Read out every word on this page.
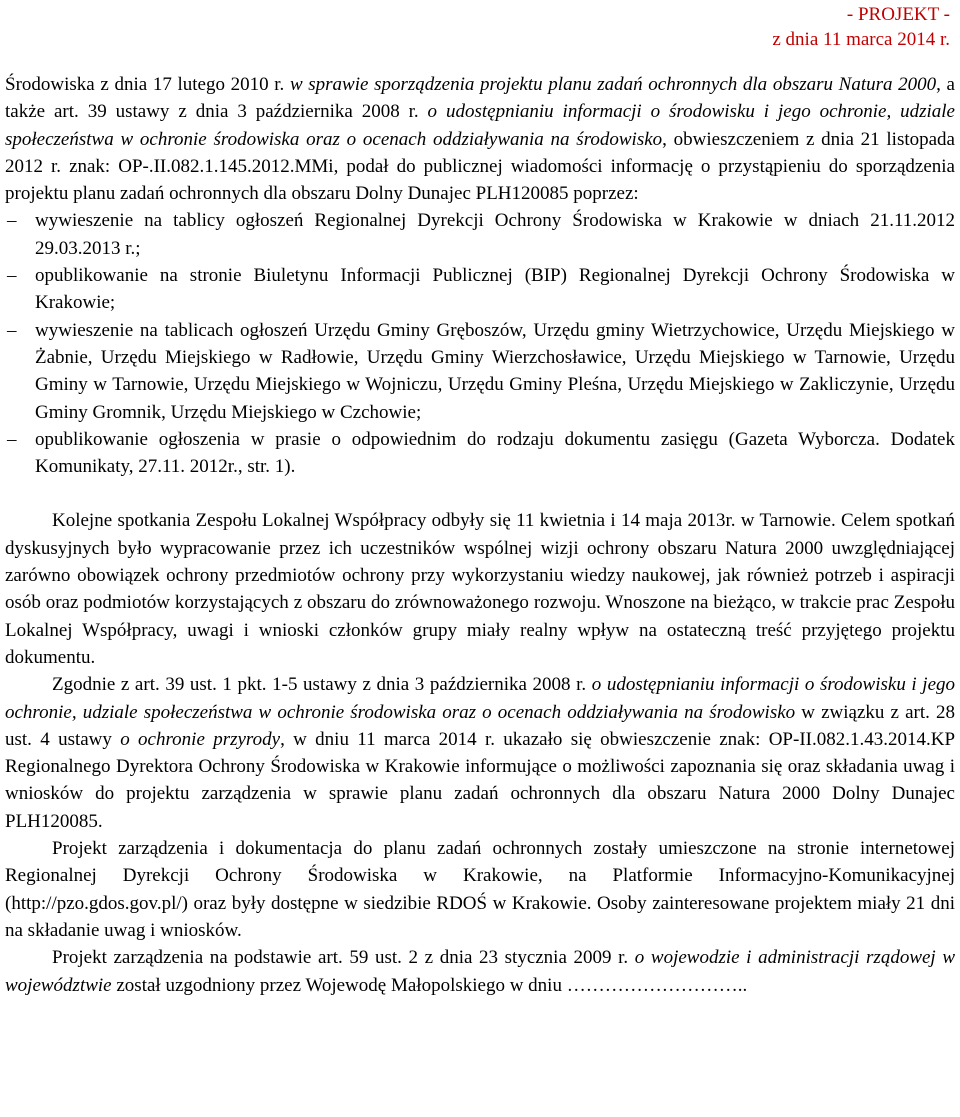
- PROJEKT -
z dnia 11 marca 2014 r.

Środowiska z dnia 17 lutego 2010 r. w sprawie sporządzenia projektu planu zadań ochronnych dla obszaru Natura 2000, a także art. 39 ustawy z dnia 3 października 2008 r. o udostępnianiu informacji o środowisku i jego ochronie, udziale społeczeństwa w ochronie środowiska oraz o ocenach oddziaływania na środowisko, obwieszczeniem z dnia 21 listopada 2012 r. znak: OP-.II.082.1.145.2012.MMi, podał do publicznej wiadomości informację o przystąpieniu do sporządzenia projektu planu zadań ochronnych dla obszaru Dolny Dunajec PLH120085 poprzez:

– wywieszenie na tablicy ogłoszeń Regionalnej Dyrekcji Ochrony Środowiska w Krakowie w dniach 21.11.2012 29.03.2013 r.;
– opublikowanie na stronie Biuletynu Informacji Publicznej (BIP) Regionalnej Dyrekcji Ochrony Środowiska w Krakowie;
– wywieszenie na tablicach ogłoszeń Urzędu Gminy Gręboszów, Urzędu gminy Wietrzychowice, Urzędu Miejskiego w Żabnie, Urzędu Miejskiego w Radłowie, Urzędu Gminy Wierzchosławice, Urzędu Miejskiego w Tarnowie, Urzędu Gminy w Tarnowie, Urzędu Miejskiego w Wojniczu, Urzędu Gminy Pleśna, Urzędu Miejskiego w Zakliczynie, Urzędu Gminy Gromnik, Urzędu Miejskiego w Czchowie;
– opublikowanie ogłoszenia w prasie o odpowiednim do rodzaju dokumentu zasięgu (Gazeta Wyborcza. Dodatek Komunikaty, 27.11. 2012r., str. 1).

Kolejne spotkania Zespołu Lokalnej Współpracy odbyły się 11 kwietnia i 14 maja 2013r. w Tarnowie. Celem spotkań dyskusyjnych było wypracowanie przez ich uczestników wspólnej wizji ochrony obszaru Natura 2000 uwzględniającej zarówno obowiązek ochrony przedmiotów ochrony przy wykorzystaniu wiedzy naukowej, jak również potrzeb i aspiracji osób oraz podmiotów korzystających z obszaru do zrównoważonego rozwoju. Wnoszone na bieżąco, w trakcie prac Zespołu Lokalnej Współpracy, uwagi i wnioski członków grupy miały realny wpływ na ostateczną treść przyjętego projektu dokumentu.

Zgodnie z art. 39 ust. 1 pkt. 1-5 ustawy z dnia 3 października 2008 r. o udostępnianiu informacji o środowisku i jego ochronie, udziale społeczeństwa w ochronie środowiska oraz o ocenach oddziaływania na środowisko w związku z art. 28 ust. 4 ustawy o ochronie przyrody, w dniu 11 marca 2014 r. ukazało się obwieszczenie znak: OP-II.082.1.43.2014.KP Regionalnego Dyrektora Ochrony Środowiska w Krakowie informujące o możliwości zapoznania się oraz składania uwag i wniosków do projektu zarządzenia w sprawie planu zadań ochronnych dla obszaru Natura 2000 Dolny Dunajec PLH120085.

Projekt zarządzenia i dokumentacja do planu zadań ochronnych zostały umieszczone na stronie internetowej Regionalnej Dyrekcji Ochrony Środowiska w Krakowie, na Platformie Informacyjno-Komunikacyjnej (http://pzo.gdos.gov.pl/) oraz były dostępne w siedzibie RDOŚ w Krakowie. Osoby zainteresowane projektem miały 21 dni na składanie uwag i wniosków.

Projekt zarządzenia na podstawie art. 59 ust. 2 z dnia 23 stycznia 2009 r. o wojewodzie i administracji rządowej w województwie został uzgodniony przez Wojewodę Małopolskiego w dniu ………………………..
